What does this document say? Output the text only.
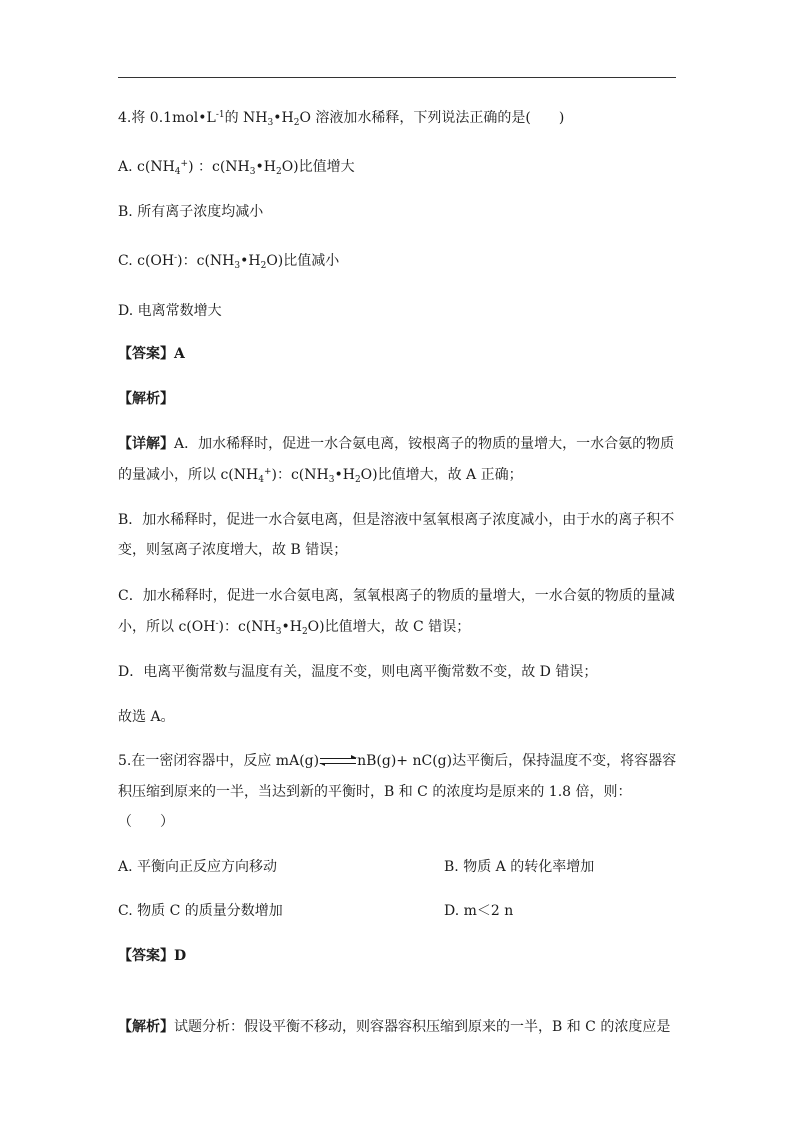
4.将 $0.1mol•L^{-1}$的 $NH_3•H_2O$ 溶液加水稀释，下列说法正确的是(　　)
A. $c(NH_4^+)$ ：$c(NH_3•H_2O)$比值增大
B. 所有离子浓度均减小
C. c(OH-)：$c(NH_3•H_2O)$比值减小
D. 电离常数增大
【答案】A
【解析】
【详解】A．加水稀释时，促进一水合氨电离，铵根离子的物质的量增大，一水合氨的物质
的量减小，所以 $c(NH_4^+)$：$c(NH_3•H_2O)$比值增大，故 A 正确；
B．加水稀释时，促进一水合氨电离，但是溶液中氢氧根离子浓度减小，由于水的离子积不
变，则氢离子浓度增大，故 B 错误；
C．加水稀释时，促进一水合氨电离，氢氧根离子的物质的量增大，一水合氨的物质的量减
小，所以 c(OH-)：$c(NH_3•H_2O)$比值增大，故 C 错误；
D．电离平衡常数与温度有关，温度不变，则电离平衡常数不变，故 D 错误；
故选 A。
5.在一密闭容器中，反应 mA(g)	nB(g)+ nC(g)达平衡后，保持温度不变，将容器容
积压缩到原来的一半，当达到新的平衡时，B 和 C 的浓度均是原来的 1.8 倍，则：
（　　）
A. 平衡向正反应方向移动	B. 物质 A 的转化率增加
C. 物质 C 的质量分数增加	D. m＜2 n
【答案】D
【解析】试题分析：假设平衡不移动，则容器容积压缩到原来的一半，B 和 C 的浓度应是
